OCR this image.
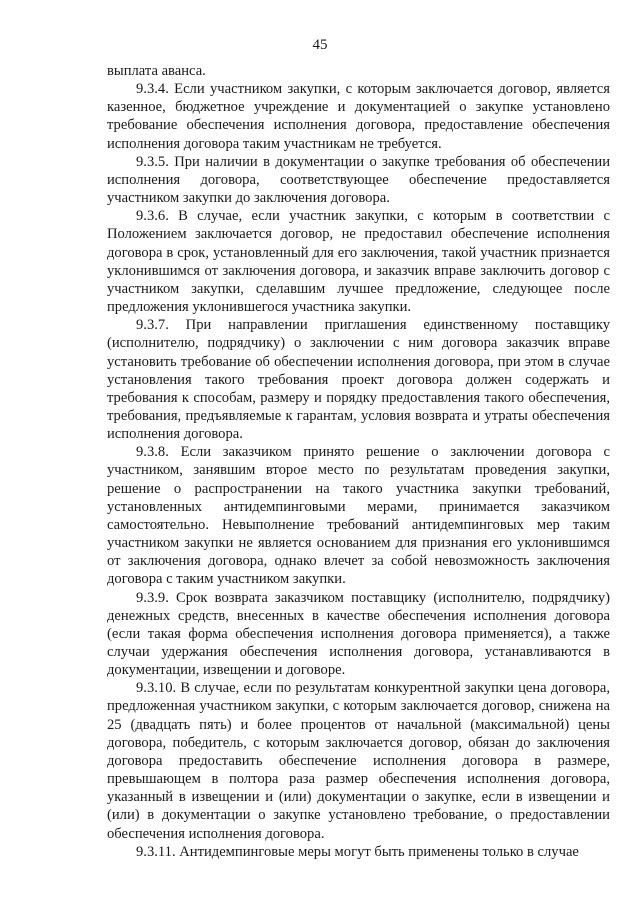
45

выплата аванса.

9.3.4. Если участником закупки, с которым заключается договор, является казенное, бюджетное учреждение и документацией о закупке установлено требование обеспечения исполнения договора, предоставление обеспечения исполнения договора таким участникам не требуется.

9.3.5. При наличии в документации о закупке требования об обеспечении исполнения договора, соответствующее обеспечение предоставляется участником закупки до заключения договора.

9.3.6. В случае, если участник закупки, с которым в соответствии с Положением заключается договор, не предоставил обеспечение исполнения договора в срок, установленный для его заключения, такой участник признается уклонившимся от заключения договора, и заказчик вправе заключить договор с участником закупки, сделавшим лучшее предложение, следующее после предложения уклонившегося участника закупки.

9.3.7. При направлении приглашения единственному поставщику (исполнителю, подрядчику) о заключении с ним договора заказчик вправе установить требование об обеспечении исполнения договора, при этом в случае установления такого требования проект договора должен содержать и требования к способам, размеру и порядку предоставления такого обеспечения, требования, предъявляемые к гарантам, условия возврата и утраты обеспечения исполнения договора.

9.3.8. Если заказчиком принято решение о заключении договора с участником, занявшим второе место по результатам проведения закупки, решение о распространении на такого участника закупки требований, установленных антидемпинговыми мерами, принимается заказчиком самостоятельно. Невыполнение требований антидемпинговых мер таким участником закупки не является основанием для признания его уклонившимся от заключения договора, однако влечет за собой невозможность заключения договора с таким участником закупки.

9.3.9. Срок возврата заказчиком поставщику (исполнителю, подрядчику) денежных средств, внесенных в качестве обеспечения исполнения договора (если такая форма обеспечения исполнения договора применяется), а также случаи удержания обеспечения исполнения договора, устанавливаются в документации, извещении и договоре.

9.3.10. В случае, если по результатам конкурентной закупки цена договора, предложенная участником закупки, с которым заключается договор, снижена на 25 (двадцать пять) и более процентов от начальной (максимальной) цены договора, победитель, с которым заключается договор, обязан до заключения договора предоставить обеспечение исполнения договора в размере, превышающем в полтора раза размер обеспечения исполнения договора, указанный в извещении и (или) документации о закупке, если в извещении и (или) в документации о закупке установлено требование, о предоставлении обеспечения исполнения договора.

9.3.11. Антидемпинговые меры могут быть применены только в случае
